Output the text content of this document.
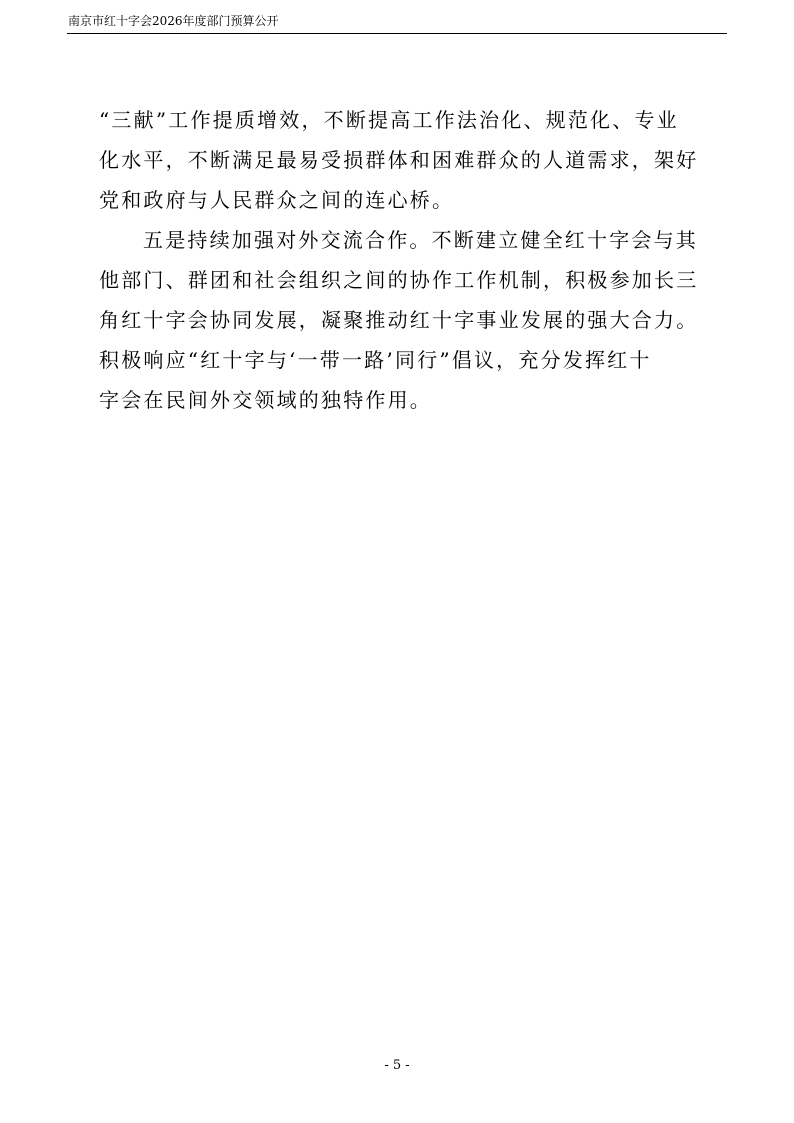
南京市红十字会2026年度部门预算公开

“三献”工作提质增效，不断提高工作法治化、规范化、专业
化水平，不断满足最易受损群体和困难群众的人道需求，架好
党和政府与人民群众之间的连心桥。

五是持续加强对外交流合作。不断建立健全红十字会与其
他部门、群团和社会组织之间的协作工作机制，积极参加长三
角红十字会协同发展，凝聚推动红十字事业发展的强大合力。
积极响应“红十字与‘一带一路’同行”倡议，充分发挥红十
字会在民间外交领域的独特作用。

- 5 -
